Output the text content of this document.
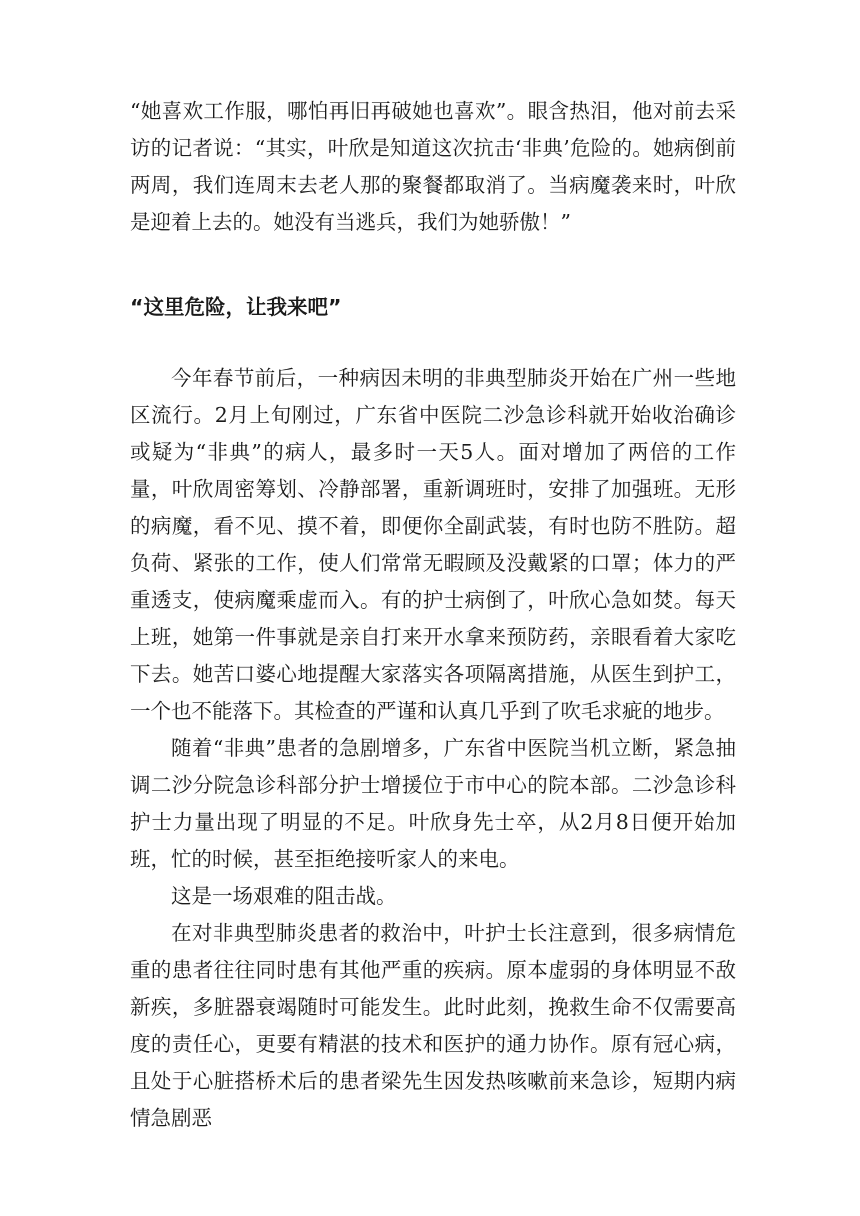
“她喜欢工作服，哪怕再旧再破她也喜欢”。眼含热泪，他对前去采访的记者说：“其实，叶欣是知道这次抗击‘非典’危险的。她病倒前两周，我们连周末去老人那的聚餐都取消了。当病魔袭来时，叶欣是迎着上去的。她没有当逃兵，我们为她骄傲！”

“这里危险，让我来吧”

今年春节前后，一种病因未明的非典型肺炎开始在广州一些地区流行。2月上旬刚过，广东省中医院二沙急诊科就开始收治确诊或疑为“非典”的病人，最多时一天5人。面对增加了两倍的工作量，叶欣周密筹划、冷静部署，重新调班时，安排了加强班。无形的病魔，看不见、摸不着，即便你全副武装，有时也防不胜防。超负荷、紧张的工作，使人们常常无暇顾及没戴紧的口罩；体力的严重透支，使病魔乘虚而入。有的护士病倒了，叶欣心急如焚。每天上班，她第一件事就是亲自打来开水拿来预防药，亲眼看着大家吃下去。她苦口婆心地提醒大家落实各项隔离措施，从医生到护工，一个也不能落下。其检查的严谨和认真几乎到了吹毛求疵的地步。

随着“非典”患者的急剧增多，广东省中医院当机立断，紧急抽调二沙分院急诊科部分护士增援位于市中心的院本部。二沙急诊科护士力量出现了明显的不足。叶欣身先士卒，从2月8日便开始加班，忙的时候，甚至拒绝接听家人的来电。

这是一场艰难的阻击战。

在对非典型肺炎患者的救治中，叶护士长注意到，很多病情危重的患者往往同时患有其他严重的疾病。原本虚弱的身体明显不敌新疾，多脏器衰竭随时可能发生。此时此刻，挽救生命不仅需要高度的责任心，更要有精湛的技术和医护的通力协作。原有冠心病，且处于心脏搭桥术后的患者梁先生因发热咳嗽前来急诊，短期内病情急剧恶
